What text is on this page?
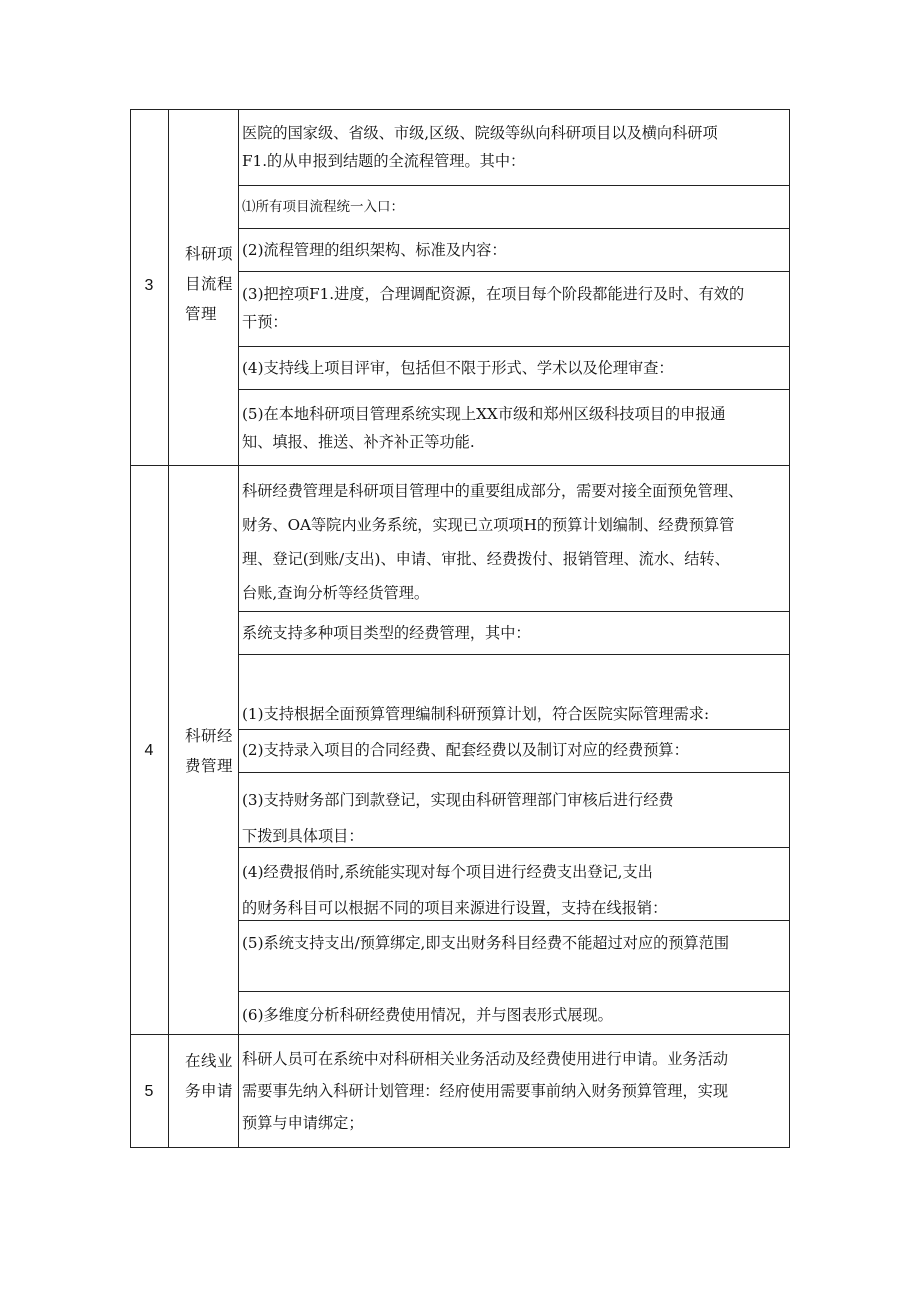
3
科研项
目流程
管理
医院的国家级、省级、市级,区级、院级等纵向科研项目以及横向科研项
F1.的从申报到结题的全流程管理。其中：
⑴所有项目流程统一入口：
(2)流程管理的组织架构、标准及内容：
(3)把控项F1.进度，合理调配资源，在项目每个阶段都能进行及时、有效的
干预：
(4)支持线上项目评审，包括但不限于形式、学术以及伦理审查：
(5)在本地科研项目管理系统实现上XX市级和郑州区级科技项目的申报通
知、填报、推送、补齐补正等功能.
4
科研经
费管理
科研经费管理是科研项目管理中的重要组成部分，需要对接全面预免管理、
财务、OA等院内业务系统，实现已立项项H的预算计划编制、经费预算管
理、登记(到账/支出)、申请、审批、经费拨付、报销管理、流水、结转、
台账,查询分析等经货管理。
系统支持多种项目类型的经费管理，其中：
(1)支持根据全面预算管理编制科研预算计划，符合医院实际管理需求:
(2)支持录入项目的合同经费、配套经费以及制订对应的经费预算：
(3)支持财务部门到款登记，实现由科研管理部门审核后进行经费
下拨到具体项目：
(4)经费报俏时,系统能实现对每个项目进行经费支出登记,支出
的财务科目可以根据不同的项目来源进行设置，支持在线报销：
(5)系统支持支出/预算绑定,即支出财务科目经费不能超过对应的预算范围
(6)多维度分析科研经费使用情况，并与图表形式展现。
5
在线业
务申请
科研人员可在系统中对科研相关业务活动及经费使用进行申请。业务活动
需要事先纳入科研计划管理：经府使用需要事前纳入财务预算管理，实现
预算与申请绑定；
